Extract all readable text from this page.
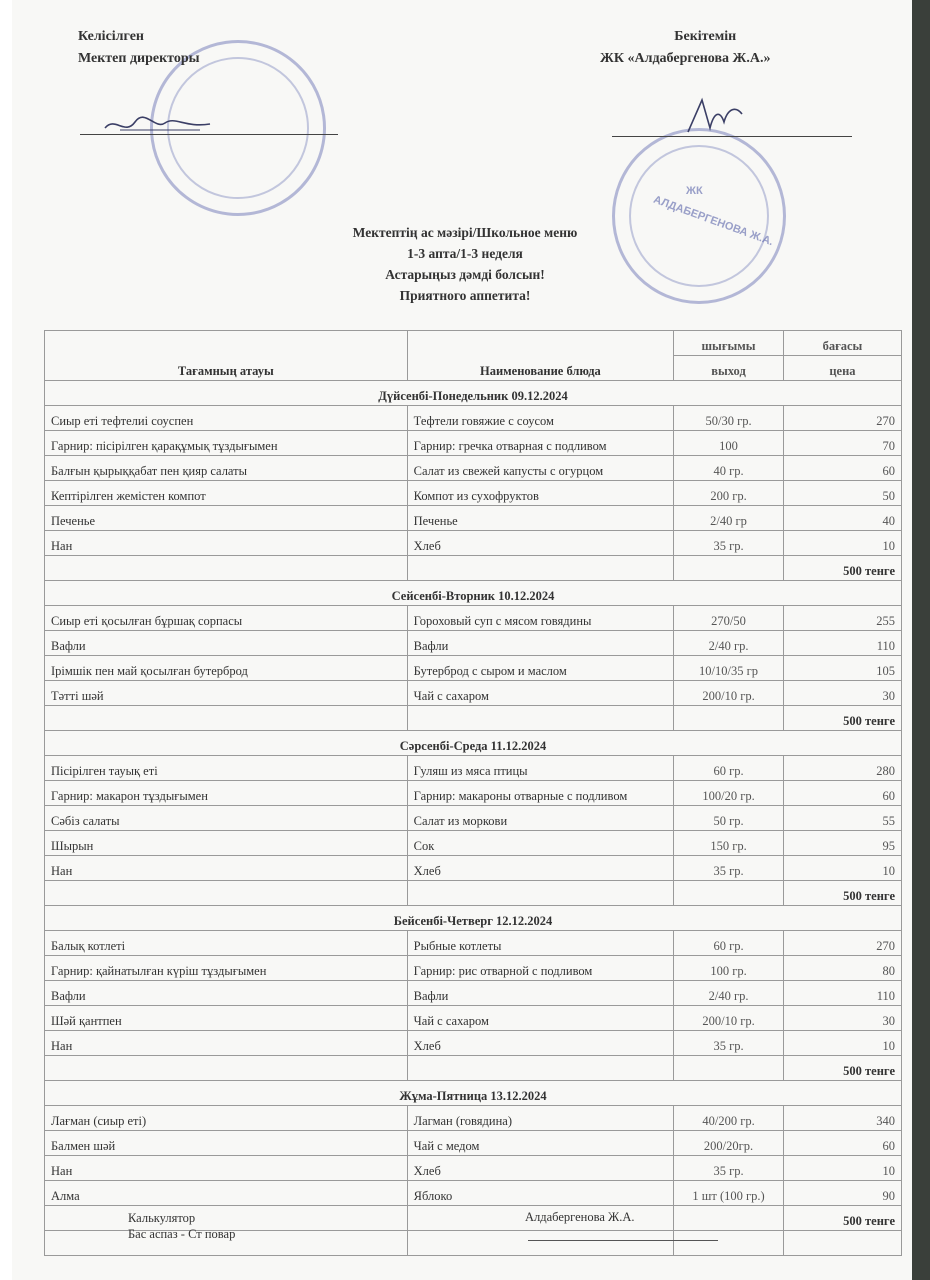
Келісілген
Мектеп директоры
Бекітемін
ЖК «Алдабергенова Ж.А.»
ЖК
АЛДАБЕРГЕНОВА Ж.А.
Мектептің ас мәзірі/Школьное меню
1-3 апта/1-3 неделя
Астарыңыз дәмді болсын!
Приятного аппетита!
Тағамның атауы	Наименование блюда	шығымы	бағасы
		выход	цена
Дүйсенбі-Понедельник 09.12.2024			
Сиыр еті тефтелиі соуспен	Тефтели говяжие с соусом	50/30 гр.	270
Гарнир: пісірілген қарақұмық тұздығымен	Гарнир: гречка отварная с подливом	100	70
Балғын қырыққабат пен қияр салаты	Салат из свежей капусты с огурцом	40 гр.	60
Кептірілген жемістен компот	Компот из сухофруктов	200 гр.	50
Печенье	Печенье	2/40 гр	40
Нан	Хлеб	35 гр.	10
			500 тенге
Сейсенбі-Вторник 10.12.2024			
Сиыр еті қосылған бұршақ сорпасы	Гороховый суп с мясом говядины	270/50	255
Вафли	Вафли	2/40 гр.	110
Ірімшік пен май қосылған бутерброд	Бутерброд с сыром и маслом	10/10/35 гр	105
Тәтті шәй	Чай с сахаром	200/10 гр.	30
			500 тенге
Сәрсенбі-Среда 11.12.2024			
Пісірілген тауық еті	Гуляш из мяса птицы	60 гр.	280
Гарнир: макарон тұздығымен	Гарнир: макароны отварные с подливом	100/20 гр.	60
Сәбіз салаты	Салат из моркови	50 гр.	55
Шырын	Сок	150 гр.	95
Нан	Хлеб	35 гр.	10
			500 тенге
Бейсенбі-Четверг 12.12.2024			
Балық котлеті	Рыбные котлеты	60 гр.	270
Гарнир: қайнатылған күріш тұздығымен	Гарнир: рис отварной с подливом	100 гр.	80
Вафли	Вафли	2/40 гр.	110
Шәй қантпен	Чай с сахаром	200/10 гр.	30
Нан	Хлеб	35 гр.	10
			500 тенге
Жұма-Пятница 13.12.2024			
Лағман (сиыр еті)	Лагман (говядина)	40/200 гр.	340
Балмен шәй	Чай с медом	200/20гр.	60
Нан	Хлеб	35 гр.	10
Алма	Яблоко	1 шт (100 гр.)	90
			500 тенге

Калькулятор
Бас аспаз - Ст повар
Алдабергенова Ж.А.
